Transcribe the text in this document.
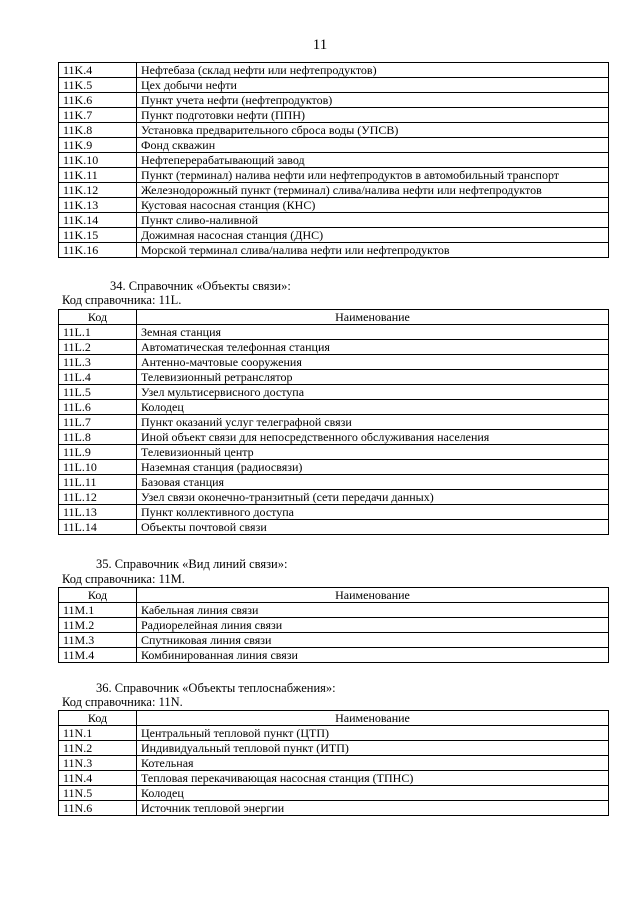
11
11K.4	Нефтебаза (склад нефти или нефтепродуктов)
11K.5	Цех добычи нефти
11K.6	Пункт учета нефти (нефтепродуктов)
11K.7	Пункт подготовки нефти (ППН)
11K.8	Установка предварительного сброса воды (УПСВ)
11K.9	Фонд скважин
11K.10	Нефтеперерабатывающий завод
11K.11	Пункт (терминал) налива нефти или нефтепродуктов в автомобильный транспорт
11K.12	Железнодорожный пункт (терминал) слива/налива нефти или нефтепродуктов
11K.13	Кустовая насосная станция (КНС)
11K.14	Пункт сливо-наливной
11K.15	Дожимная насосная станция (ДНС)
11K.16	Морской терминал слива/налива нефти или нефтепродуктов
34. Справочник «Объекты связи»:
Код справочника: 11L.
Код	Наименование
11L.1	Земная станция
11L.2	Автоматическая телефонная станция
11L.3	Антенно-мачтовые сооружения
11L.4	Телевизионный ретранслятор
11L.5	Узел мультисервисного доступа
11L.6	Колодец
11L.7	Пункт оказаний услуг телеграфной связи
11L.8	Иной объект связи для непосредственного обслуживания населения
11L.9	Телевизионный центр
11L.10	Наземная станция (радиосвязи)
11L.11	Базовая станция
11L.12	Узел связи оконечно-транзитный (сети передачи данных)
11L.13	Пункт коллективного доступа
11L.14	Объекты почтовой связи
35. Справочник «Вид линий связи»:
Код справочника: 11M.
Код	Наименование
11M.1	Кабельная линия связи
11M.2	Радиорелейная линия связи
11M.3	Спутниковая линия связи
11M.4	Комбинированная линия связи
36. Справочник «Объекты теплоснабжения»:
Код справочника: 11N.
Код	Наименование
11N.1	Центральный тепловой пункт (ЦТП)
11N.2	Индивидуальный тепловой пункт (ИТП)
11N.3	Котельная
11N.4	Тепловая перекачивающая насосная станция (ТПНС)
11N.5	Колодец
11N.6	Источник тепловой энергии
